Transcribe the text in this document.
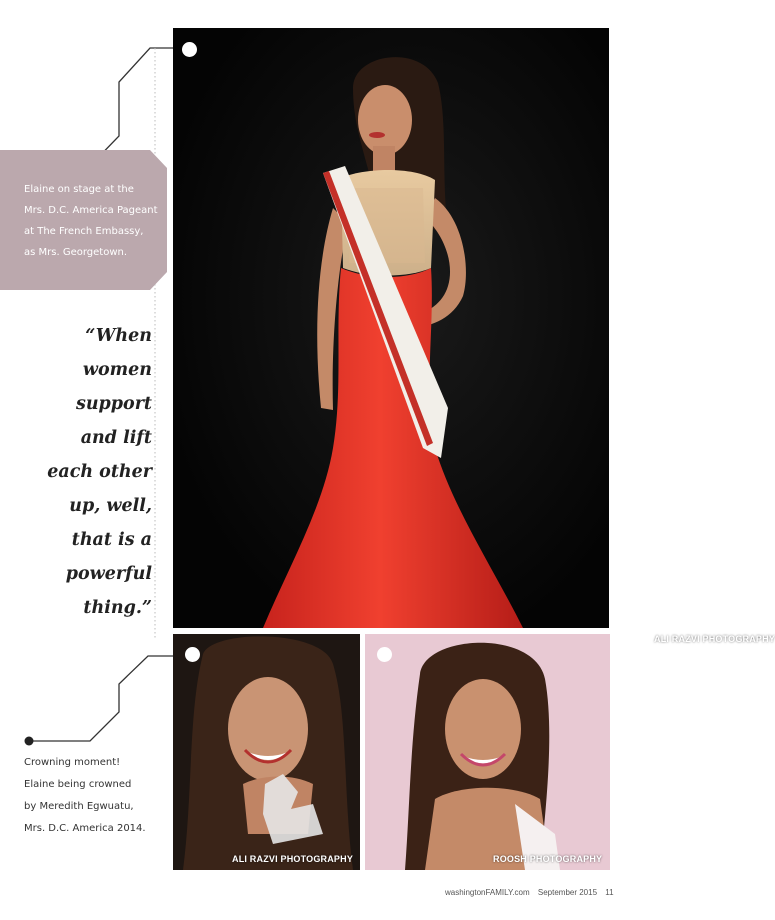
Elaine on stage at the
Mrs. D.C. America Pageant
at The French Embassy,
as Mrs. Georgetown.
“When
women
support
and lift
each other
up, well,
that is a
powerful
thing.”
Crowning moment!
Elaine being crowned
by Meredith Egwuatu,
Mrs. D.C. America 2014.
ALI RAZVI PHOTOGRAPHY
ALI RAZVI PHOTOGRAPHY	ROOSH PHOTOGRAPHY
washingtonFAMILY.com September 2015 11
